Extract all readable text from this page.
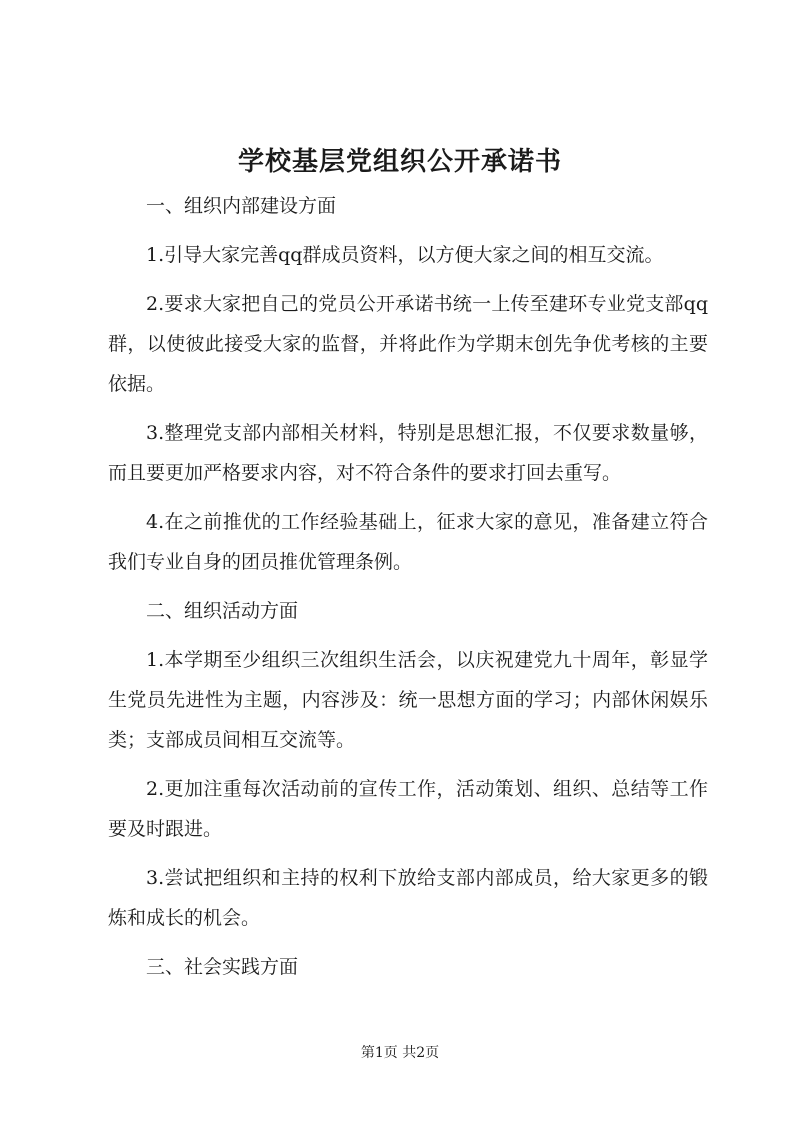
学校基层党组织公开承诺书

一、组织内部建设方面

1.引导大家完善qq群成员资料，以方便大家之间的相互交流。

2.要求大家把自己的党员公开承诺书统一上传至建环专业党支部qq群，以使彼此接受大家的监督，并将此作为学期末创先争优考核的主要依据。

3.整理党支部内部相关材料，特别是思想汇报，不仅要求数量够，而且要更加严格要求内容，对不符合条件的要求打回去重写。

4.在之前推优的工作经验基础上，征求大家的意见，准备建立符合我们专业自身的团员推优管理条例。

二、组织活动方面

1.本学期至少组织三次组织生活会，以庆祝建党九十周年，彰显学生党员先进性为主题，内容涉及：统一思想方面的学习；内部休闲娱乐类；支部成员间相互交流等。

2.更加注重每次活动前的宣传工作，活动策划、组织、总结等工作要及时跟进。

3.尝试把组织和主持的权利下放给支部内部成员，给大家更多的锻炼和成长的机会。

三、社会实践方面

第1页 共2页
